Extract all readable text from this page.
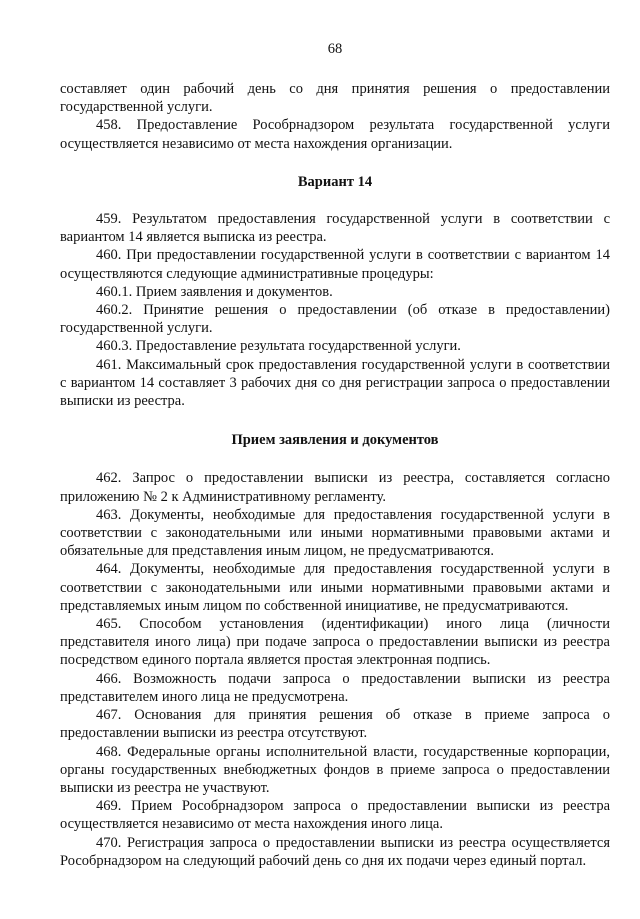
68

составляет один рабочий день со дня принятия решения о предоставлении государственной услуги.

458. Предоставление Рособрнадзором результата государственной услуги осуществляется независимо от места нахождения организации.

Вариант 14

459. Результатом предоставления государственной услуги в соответствии с вариантом 14 является выписка из реестра.

460. При предоставлении государственной услуги в соответствии с вариантом 14 осуществляются следующие административные процедуры:

460.1. Прием заявления и документов.

460.2. Принятие решения о предоставлении (об отказе в предоставлении) государственной услуги.

460.3. Предоставление результата государственной услуги.

461. Максимальный срок предоставления государственной услуги в соответствии с вариантом 14 составляет 3 рабочих дня со дня регистрации запроса о предоставлении выписки из реестра.

Прием заявления и документов

462. Запрос о предоставлении выписки из реестра, составляется согласно приложению № 2 к Административному регламенту.

463. Документы, необходимые для предоставления государственной услуги в соответствии с законодательными или иными нормативными правовыми актами и обязательные для представления иным лицом, не предусматриваются.

464. Документы, необходимые для предоставления государственной услуги в соответствии с законодательными или иными нормативными правовыми актами и представляемых иным лицом по собственной инициативе, не предусматриваются.

465. Способом установления (идентификации) иного лица (личности представителя иного лица) при подаче запроса о предоставлении выписки из реестра посредством единого портала является простая электронная подпись.

466. Возможность подачи запроса о предоставлении выписки из реестра представителем иного лица не предусмотрена.

467. Основания для принятия решения об отказе в приеме запроса о предоставлении выписки из реестра отсутствуют.

468. Федеральные органы исполнительной власти, государственные корпорации, органы государственных внебюджетных фондов в приеме запроса о предоставлении выписки из реестра не участвуют.

469. Прием Рособрнадзором запроса о предоставлении выписки из реестра осуществляется независимо от места нахождения иного лица.

470. Регистрация запроса о предоставлении выписки из реестра осуществляется Рособрнадзором на следующий рабочий день со дня их подачи через единый портал.
